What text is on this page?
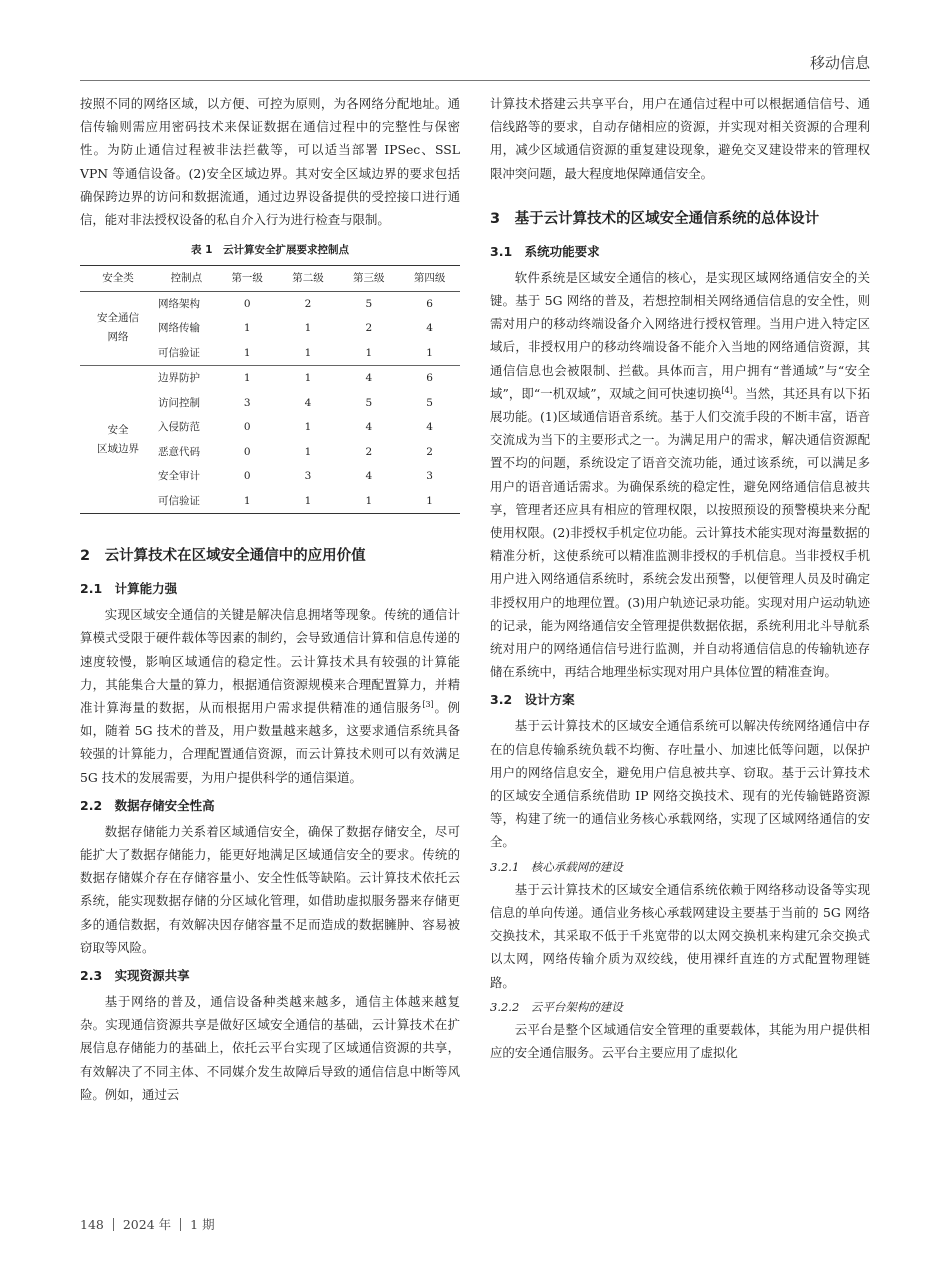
移动信息

按照不同的网络区域，以方便、可控为原则，为各网络分配地址。通信传输则需应用密码技术来保证数据在通信过程中的完整性与保密性。为防止通信过程被非法拦截等，可以适当部署 IPSec、SSL VPN 等通信设备。(2)安全区域边界。其对安全区域边界的要求包括确保跨边界的访问和数据流通，通过边界设备提供的受控接口进行通信，能对非法授权设备的私自介入行为进行检查与限制。

表 1　云计算安全扩展要求控制点
安全类	控制点	第一级	第二级	第三级	第四级
安全通信
网络	网络架构	0	2	5	6
	网络传输	1	1	2	4
	可信验证	1	1	1	1
安全
区域边界	边界防护	1	1	4	6
	访问控制	3	4	5	5
	入侵防范	0	1	4	4
	恶意代码	0	1	2	2
	安全审计	0	3	4	3
	可信验证	1	1	1	1
2　云计算技术在区域安全通信中的应用价值
2.1　计算能力强

实现区域安全通信的关键是解决信息拥堵等现象。传统的通信计算模式受限于硬件载体等因素的制约，会导致通信计算和信息传递的速度较慢，影响区域通信的稳定性。云计算技术具有较强的计算能力，其能集合大量的算力，根据通信资源规模来合理配置算力，并精准计算海量的数据，从而根据用户需求提供精准的通信服务[3]。例如，随着 5G 技术的普及，用户数量越来越多，这要求通信系统具备较强的计算能力，合理配置通信资源，而云计算技术则可以有效满足 5G 技术的发展需要，为用户提供科学的通信渠道。

2.2　数据存储安全性高

数据存储能力关系着区域通信安全，确保了数据存储安全，尽可能扩大了数据存储能力，能更好地满足区域通信安全的要求。传统的数据存储媒介存在存储容量小、安全性低等缺陷。云计算技术依托云系统，能实现数据存储的分区域化管理，如借助虚拟服务器来存储更多的通信数据，有效解决因存储容量不足而造成的数据臃肿、容易被窃取等风险。

2.3　实现资源共享

基于网络的普及，通信设备种类越来越多，通信主体越来越复杂。实现通信资源共享是做好区域安全通信的基础，云计算技术在扩展信息存储能力的基础上，依托云平台实现了区域通信资源的共享，有效解决了不同主体、不同媒介发生故障后导致的通信信息中断等风险。例如，通过云

计算技术搭建云共享平台，用户在通信过程中可以根据通信信号、通信线路等的要求，自动存储相应的资源，并实现对相关资源的合理利用，减少区域通信资源的重复建设现象，避免交叉建设带来的管理权限冲突问题，最大程度地保障通信安全。

3　基于云计算技术的区域安全通信系统的总体设计
3.1　系统功能要求

软件系统是区域安全通信的核心，是实现区域网络通信安全的关键。基于 5G 网络的普及，若想控制相关网络通信信息的安全性，则需对用户的移动终端设备介入网络进行授权管理。当用户进入特定区域后，非授权用户的移动终端设备不能介入当地的网络通信资源，其通信信息也会被限制、拦截。具体而言，用户拥有“普通域”与“安全域”，即“一机双域”，双域之间可快速切换[4]。当然，其还具有以下拓展功能。(1)区域通信语音系统。基于人们交流手段的不断丰富，语音交流成为当下的主要形式之一。为满足用户的需求，解决通信资源配置不均的问题，系统设定了语音交流功能，通过该系统，可以满足多用户的语音通话需求。为确保系统的稳定性，避免网络通信信息被共享，管理者还应具有相应的管理权限，以按照预设的预警模块来分配使用权限。(2)非授权手机定位功能。云计算技术能实现对海量数据的精准分析，这使系统可以精准监测非授权的手机信息。当非授权手机用户进入网络通信系统时，系统会发出预警，以便管理人员及时确定非授权用户的地理位置。(3)用户轨迹记录功能。实现对用户运动轨迹的记录，能为网络通信安全管理提供数据依据，系统利用北斗导航系统对用户的网络通信信号进行监测，并自动将通信信息的传输轨迹存储在系统中，再结合地理坐标实现对用户具体位置的精准查询。

3.2　设计方案

基于云计算技术的区域安全通信系统可以解决传统网络通信中存在的信息传输系统负载不均衡、存吐量小、加速比低等问题，以保护用户的网络信息安全，避免用户信息被共享、窃取。基于云计算技术的区域安全通信系统借助 IP 网络交换技术、现有的光传输链路资源等，构建了统一的通信业务核心承载网络，实现了区域网络通信的安全。

3.2.1　核心承载网的建设

基于云计算技术的区域安全通信系统依赖于网络移动设备等实现信息的单向传递。通信业务核心承载网建设主要基于当前的 5G 网络交换技术，其采取不低于千兆宽带的以太网交换机来构建冗余交换式以太网，网络传输介质为双绞线，使用裸纤直连的方式配置物理链路。

3.2.2　云平台架构的建设

云平台是整个区域通信安全管理的重要载体，其能为用户提供相应的安全通信服务。云平台主要应用了虚拟化

148 2024 年 1 期
